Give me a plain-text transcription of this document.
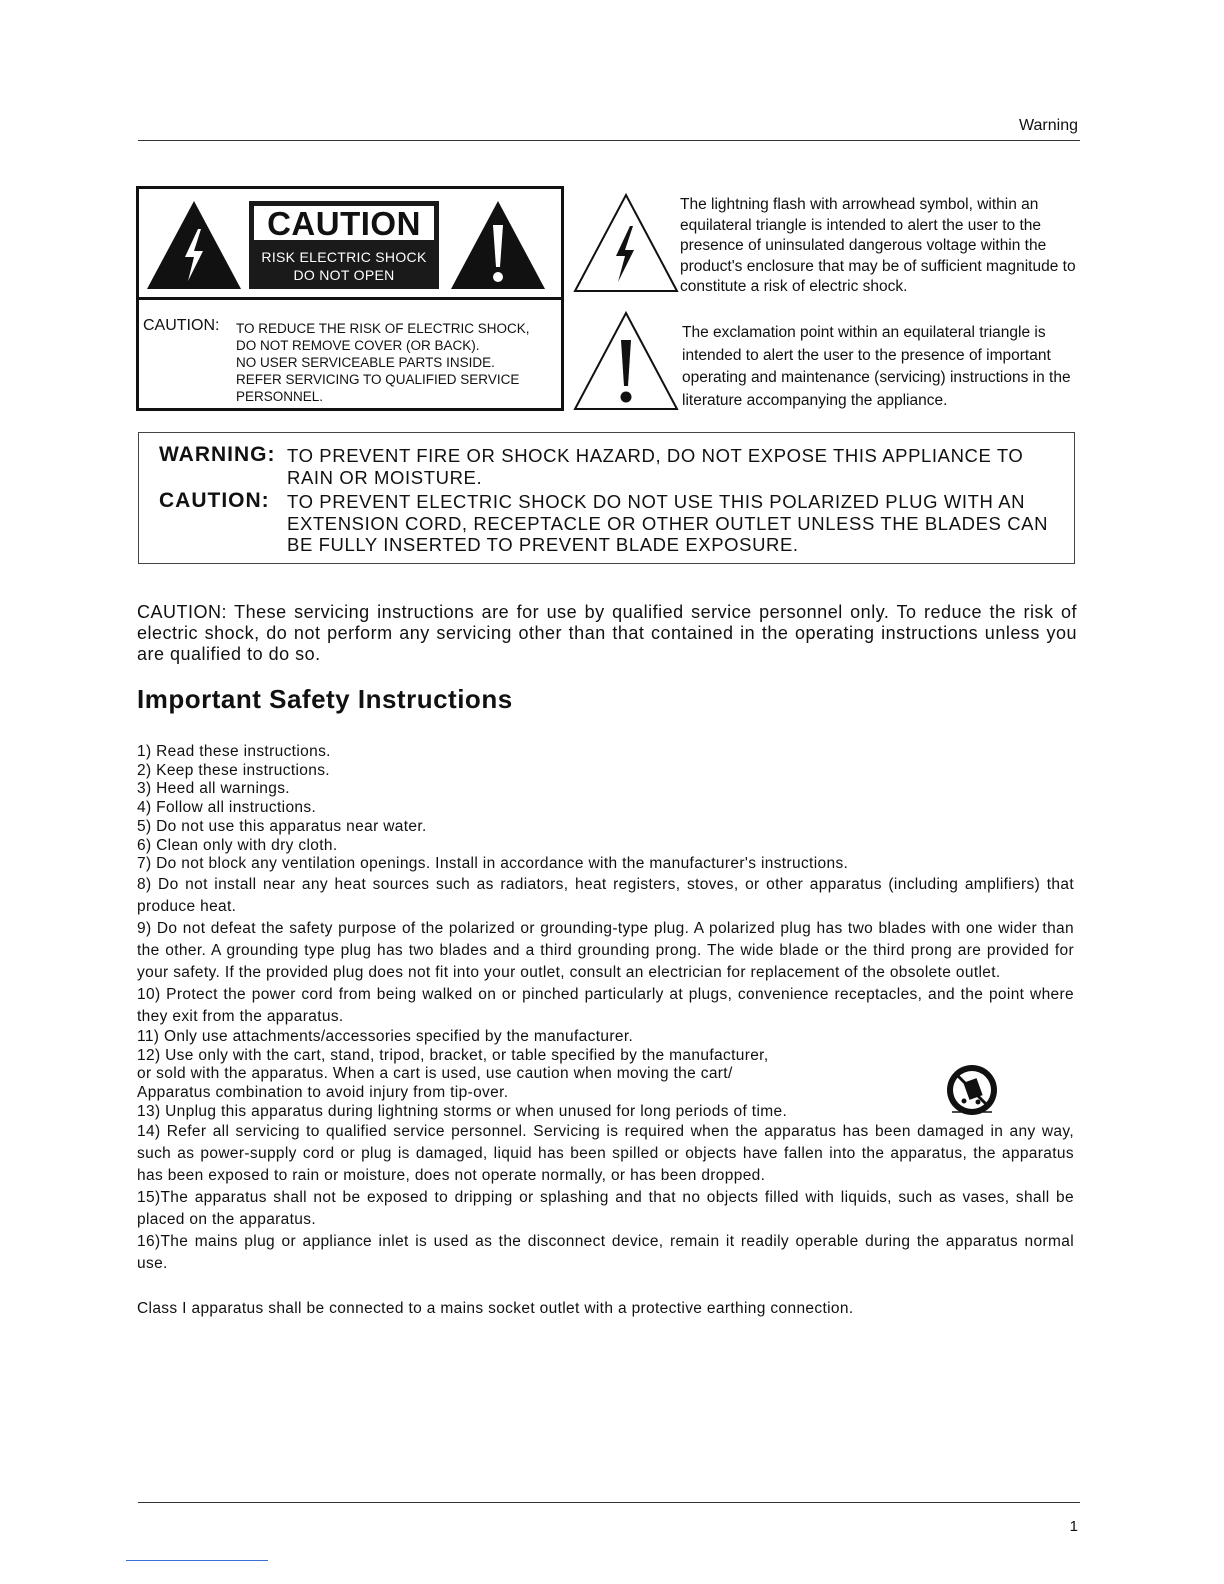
Warning
CAUTION
RISK ELECTRIC SHOCK
DO NOT OPEN
CAUTION: TO REDUCE THE RISK OF ELECTRIC SHOCK,
DO NOT REMOVE COVER (OR BACK).
NO USER SERVICEABLE PARTS INSIDE.
REFER SERVICING TO QUALIFIED SERVICE
PERSONNEL.
The lightning flash with arrowhead symbol, within an equilateral triangle is intended to alert the user to the presence of uninsulated dangerous voltage within the product's enclosure that may be of sufficient magnitude to constitute a risk of electric shock.
The exclamation point within an equilateral triangle is intended to alert the user to the presence of important operating and maintenance (servicing) instructions in the literature accompanying the appliance.
WARNING: TO PREVENT FIRE OR SHOCK HAZARD, DO NOT EXPOSE THIS APPLIANCE TO RAIN OR MOISTURE.
CAUTION: TO PREVENT ELECTRIC SHOCK DO NOT USE THIS POLARIZED PLUG WITH AN EXTENSION CORD, RECEPTACLE OR OTHER OUTLET UNLESS THE BLADES CAN BE FULLY INSERTED TO PREVENT BLADE EXPOSURE.
CAUTION: These servicing instructions are for use by qualified service personnel only. To reduce the risk of electric shock, do not perform any servicing other than that contained in the operating instructions unless you are qualified to do so.
Important Safety Instructions

1) Read these instructions.

2) Keep these instructions.

3) Heed all warnings.

4) Follow all instructions.

5) Do not use this apparatus near water.

6) Clean only with dry cloth.

7) Do not block any ventilation openings. Install in accordance with the manufacturer's instructions.

8) Do not install near any heat sources such as radiators, heat registers, stoves, or other apparatus (including amplifiers) that produce heat.

9) Do not defeat the safety purpose of the polarized or grounding-type plug. A polarized plug has two blades with one wider than the other. A grounding type plug has two blades and a third grounding prong. The wide blade or the third prong are provided for your safety. If the provided plug does not fit into your outlet, consult an electrician for replacement of the obsolete outlet.

10) Protect the power cord from being walked on or pinched particularly at plugs, convenience receptacles, and the point where they exit from the apparatus.

11) Only use attachments/accessories specified by the manufacturer.

12) Use only with the cart, stand, tripod, bracket, or table specified by the manufacturer,

or sold with the apparatus. When a cart is used, use caution when moving the cart/

Apparatus combination to avoid injury from tip-over.

13) Unplug this apparatus during lightning storms or when unused for long periods of time.

14) Refer all servicing to qualified service personnel. Servicing is required when the apparatus has been damaged in any way, such as power-supply cord or plug is damaged, liquid has been spilled or objects have fallen into the apparatus, the apparatus has been exposed to rain or moisture, does not operate normally, or has been dropped.

15)The apparatus shall not be exposed to dripping or splashing and that no objects filled with liquids, such as vases, shall be placed on the apparatus.

16)The mains plug or appliance inlet is used as the disconnect device, remain it readily operable during the apparatus normal use.

Class I apparatus shall be connected to a mains socket outlet with a protective earthing connection.
1
